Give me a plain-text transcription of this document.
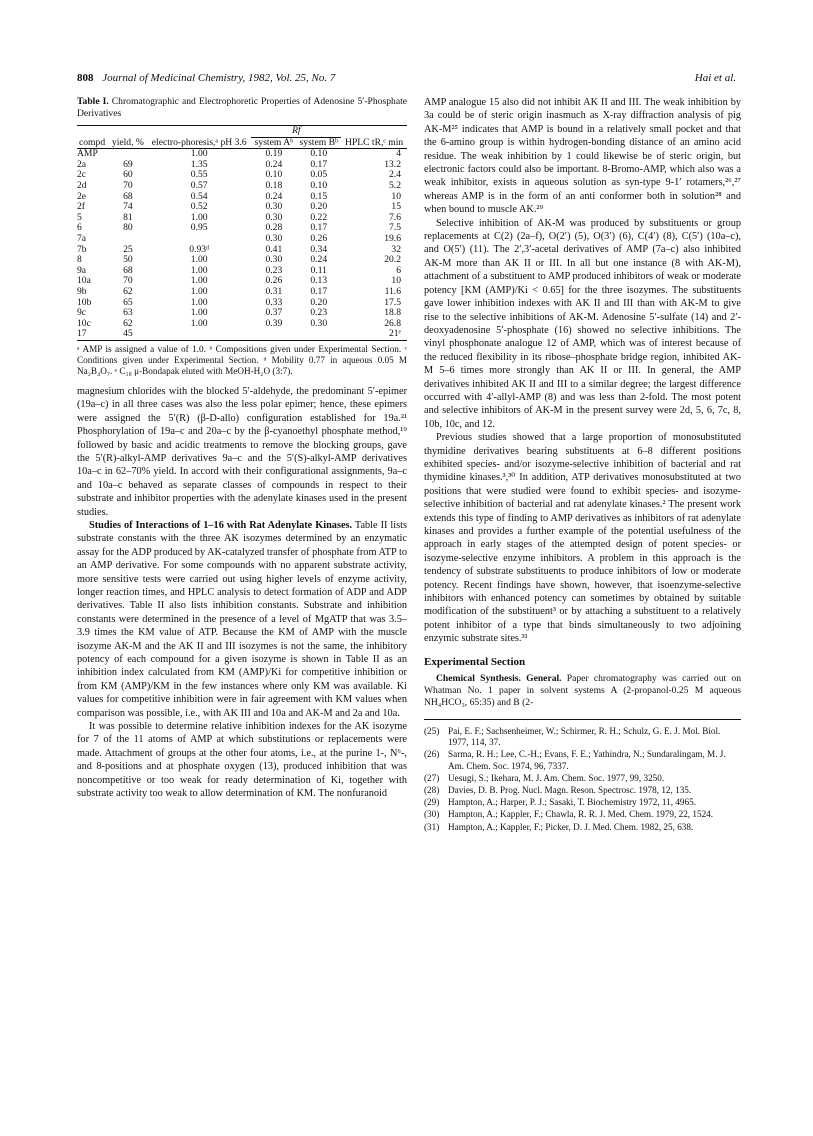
808 Journal of Medicinal Chemistry, 1982, Vol. 25, No. 7	Hai et al.
Table I. Chromatographic and Electrophoretic Properties of Adenosine 5′-Phosphate Derivatives
			Rf		
compd	yield, %	electro-phoresis,ᵃ pH 3.6	system Aᵇ	system Bᵇ	HPLC tR,ᶜ min
AMP		1.00	0.19	0.10	4
2a	69	1.35	0.24	0.17	13.2
2c	60	0.55	0.10	0.05	2.4
2d	70	0.57	0.18	0.10	5.2
2e	68	0.54	0.24	0.15	10
2f	74	0.52	0.30	0.20	15
5	81	1.00	0.30	0.22	7.6
6	80	0.95	0.28	0.17	7.5
7a			0.30	0.26	19.6
7b	25	0.93ᵈ	0.41	0.34	32
8	50	1.00	0.30	0.24	20.2
9a	68	1.00	0.23	0.11	6
10a	70	1.00	0.26	0.13	10
9b	62	1.00	0.31	0.17	11.6
10b	65	1.00	0.33	0.20	17.5
9c	63	1.00	0.37	0.23	18.8
10c	62	1.00	0.39	0.30	26.8
17	45				21ᵉ
ᵃ AMP is assigned a value of 1.0. ᵇ Compositions given under Experimental Section. ᶜ Conditions given under Experimental Section. ᵈ Mobility 0.77 in aqueous 0.05 M Na₂B₄O₇. ᵉ C₁₈ μ-Bondapak eluted with MeOH-H₂O (3:7).

magnesium chlorides with the blocked 5′-aldehyde, the predominant 5′-epimer (19a–c) in all three cases was also the less polar epimer; hence, these epimers were assigned the 5′(R) (β-D-allo) configuration established for 19a.²¹ Phosphorylation of 19a–c and 20a–c by the β-cyanoethyl phosphate method,¹⁹ followed by basic and acidic treatments to remove the blocking groups, gave the 5′(R)-alkyl-AMP derivatives 9a–c and the 5′(S)-alkyl-AMP derivatives 10a–c in 62–70% yield. In accord with their configurational assignments, 9a–c and 10a–c behaved as separate classes of compounds in respect to their substrate and inhibitor properties with the adenylate kinases used in the present studies.

Studies of Interactions of 1–16 with Rat Adenylate Kinases. Table II lists substrate constants with the three AK isozymes determined by an enzymatic assay for the ADP produced by AK-catalyzed transfer of phosphate from ATP to an AMP derivative. For some compounds with no apparent substrate activity, more sensitive tests were carried out using higher levels of enzyme activity, longer reaction times, and HPLC analysis to detect formation of ADP and ADP derivatives. Table II also lists inhibition constants. Substrate and inhibition constants were determined in the presence of a level of MgATP that was 3.5–3.9 times the KM value of ATP. Because the KM of AMP with the muscle isozyme AK-M and the AK II and III isozymes is not the same, the inhibitory potency of each compound for a given isozyme is shown in Table II as an inhibition index calculated from KM (AMP)/Ki for competitive inhibition or from KM (AMP)/KM in the few instances where only KM was available. Ki values for competitive inhibition were in fair agreement with KM values when comparison was possible, i.e., with AK III and 10a and AK-M and 2a and 10a.

It was possible to determine relative inhibition indexes for the AK isozyme for 7 of the 11 atoms of AMP at which substitutions or replacements were made. Attachment of groups at the other four atoms, i.e., at the purine 1-, N⁶-, and 8-positions and at phosphate oxygen (13), produced inhibition that was noncompetitive or too weak for ready determination of Ki, together with substrate activity too weak to allow determination of KM. The nonfuranoid

AMP analogue 15 also did not inhibit AK II and III. The weak inhibition by 3a could be of steric origin inasmuch as X-ray diffraction analysis of pig AK-M²⁵ indicates that AMP is bound in a relatively small pocket and that the 6-amino group is within hydrogen-bonding distance of an amino acid residue. The weak inhibition by 1 could likewise be of steric origin, but electronic factors could also be important. 8-Bromo-AMP, which also was a weak inhibitor, exists in aqueous solution as syn-type 9-1′ rotamers,²⁶,²⁷ whereas AMP is in the form of an anti conformer both in solution²⁸ and when bound to muscle AK.²⁹

Selective inhibition of AK-M was produced by substituents or group replacements at C(2) (2a–f), O(2′) (5), O(3′) (6), C(4′) (8), C(5′) (10a–c), and O(5′) (11). The 2′,3′-acetal derivatives of AMP (7a–c) also inhibited AK-M more than AK II or III. In all but one instance (8 with AK-M), attachment of a substituent to AMP produced inhibitors of weak or moderate potency [KM (AMP)/Ki < 0.65] for the three isozymes. The substituents gave lower inhibition indexes with AK II and III than with AK-M to give rise to the selective inhibitions of AK-M. Adenosine 5′-sulfate (14) and 2′-deoxyadenosine 5′-phosphate (16) showed no selective inhibitions. The vinyl phosphonate analogue 12 of AMP, which was of interest because of the reduced flexibility in its ribose–phosphate bridge region, inhibited AK-M 5–6 times more strongly than AK II or III. In general, the AMP derivatives inhibited AK II and III to a similar degree; the largest difference occurred with 4′-allyl-AMP (8) and was less than 2-fold. The most potent and selective inhibitors of AK-M in the present survey were 2d, 5, 6, 7c, 8, 10b, 10c, and 12.

Previous studies showed that a large proportion of monosubstituted thymidine derivatives bearing substituents at 6–8 different positions exhibited species- and/or isozyme-selective inhibition of bacterial and rat thymidine kinases.³,³⁰ In addition, ATP derivatives monosubstituted at two positions that were studied were found to exhibit species- and isozyme-selective inhibition of bacterial and rat adenylate kinases.² The present work extends this type of finding to AMP derivatives as inhibitors of rat adenylate kinases and provides a further example of the potential usefulness of the approach in early stages of the attempted design of potent species- or isozyme-selective enzyme inhibitors. A problem in this approach is the tendency of substrate substituents to produce inhibitors of low or moderate potency. Recent findings have shown, however, that isoenzyme-selective inhibitors with enhanced potency can sometimes by obtained by suitable modification of the substituent³ or by attaching a substituent to a relatively potent inhibitor of a type that binds simultaneously to two adjoining enzymic substrate sites.³¹

Experimental Section

Chemical Synthesis. General. Paper chromatography was carried out on Whatman No. 1 paper in solvent systems A (2-propanol-0.25 M aqueous NH₄HCO₃, 65:35) and B (2-

(25) Pai, E. F.; Sachsenheimer, W.; Schirmer, R. H.; Schulz, G. E. J. Mol. Biol. 1977, 114, 37.
(26) Sarma, R. H.; Lee, C.-H.; Evans, F. E.; Yathindra, N.; Sundaralingam, M. J. Am. Chem. Soc. 1974, 96, 7337.
(27) Uesugi, S.; Ikehara, M. J. Am. Chem. Soc. 1977, 99, 3250.
(28) Davies, D. B. Prog. Nucl. Magn. Reson. Spectrosc. 1978, 12, 135.
(29) Hampton, A.; Harper, P. J.; Sasaki, T. Biochemistry 1972, 11, 4965.
(30) Hampton, A.; Kappler, F.; Chawla, R. R. J. Med. Chem. 1979, 22, 1524.
(31) Hampton, A.; Kappler, F.; Picker, D. J. Med. Chem. 1982, 25, 638.
